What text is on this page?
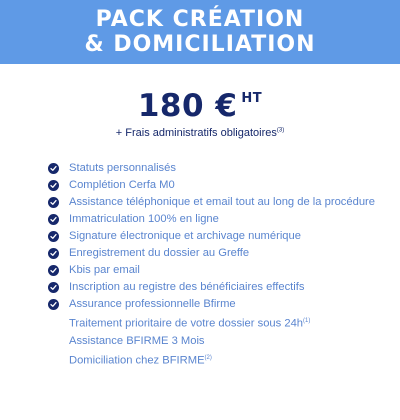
PACK CRÉATION
& DOMICILIATION
180 € $^{HT}$
+ Frais administratifs obligatoires$^{(3)}$
Statuts personnalisés
Complétion Cerfa M0
Assistance téléphonique et email tout au long de la procédure
Immatriculation 100% en ligne
Signature électronique et archivage numérique
Enregistrement du dossier au Greffe
Kbis par email
Inscription au registre des bénéficiaires effectifs
Assurance professionnelle Bfirme
Traitement prioritaire de votre dossier sous $24h^{(1)}$
Assistance BFIRME 3 Mois
Domiciliation chez BFIRME$^{(2)}$
